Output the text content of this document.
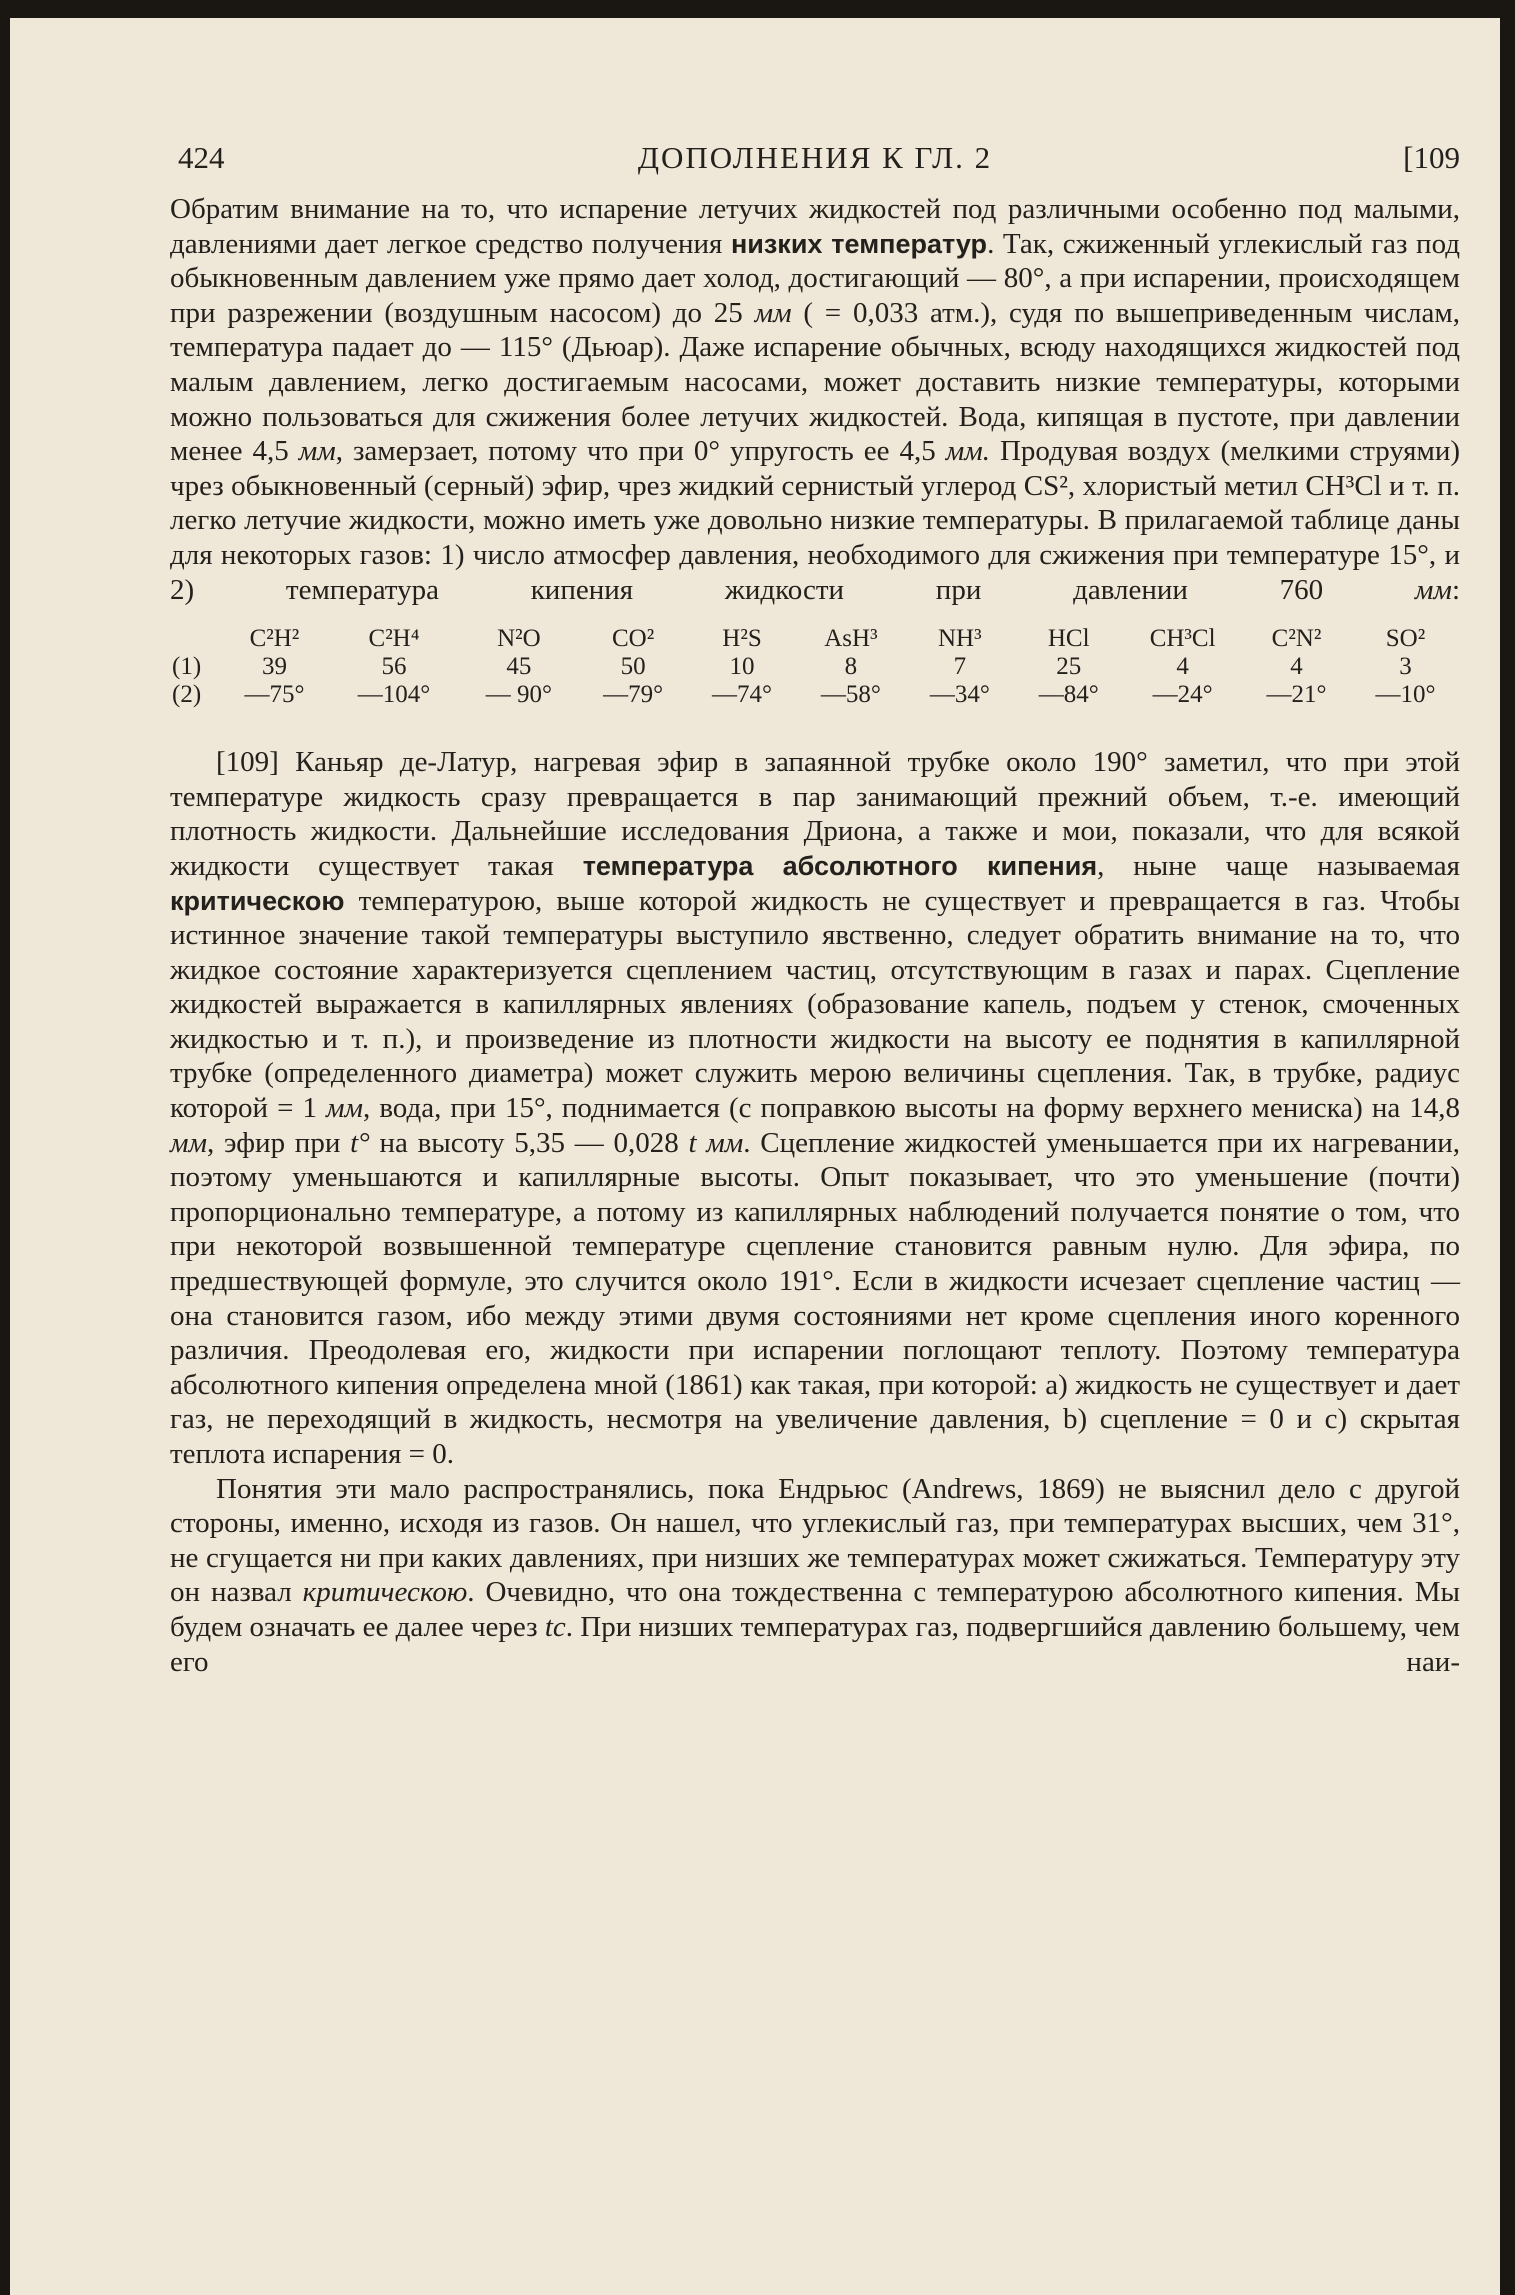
424	ДОПОЛНЕНИЯ К ГЛ. 2	[109

Обратим внимание на то, что испарение летучих жидкостей под различными особенно под малыми, давлениями дает легкое средство получения низких температур. Так, сжиженный углекислый газ под обыкновенным давлением уже прямо дает холод, достигающий — 80°, а при испарении, происходящем при разрежении (воздушным насосом) до 25 мм ( = 0,033 атм.), судя по вышеприведенным числам, температура падает до — 115° (Дьюар). Даже испарение обычных, всюду находящихся жидкостей под малым давлением, легко достигаемым насосами, может доставить низкие температуры, которыми можно пользоваться для сжижения более летучих жидкостей. Вода, кипящая в пустоте, при давлении менее 4,5 мм, замерзает, потому что при 0° упругость ее 4,5 мм. Продувая воздух (мелкими струями) чрез обыкновенный (серный) эфир, чрез жидкий сернистый углерод CS², хлористый метил CH³Cl и т. п. легко летучие жидкости, можно иметь уже довольно низкие температуры. В прилагаемой таблице даны для некоторых газов: 1) число атмосфер давления, необходимого для сжижения при температуре 15°, и 2) температура кипения жидкости при давлении 760	мм:

	C²H²	C²H⁴	N²O	CO²	H²S	AsH³	NH³	HCl	CH³Cl	C²N²	SO²
(1)	39	56	45	50	10	8	7	25	4	4	3
(2)	—75°	—104°	— 90°	—79°	—74°	—58°	—34°	—84°	—24°	—21°	—10°

[109] Каньяр де-Латур, нагревая эфир в запаянной трубке около 190° заметил, что при этой температуре жидкость сразу превращается в пар занимающий прежний объем, т.-е. имеющий плотность жидкости. Дальнейшие исследования Дриона, а также и мои, показали, что для всякой жидкости существует такая температура абсолютного кипения, ныне чаще называемая критическою температурою, выше которой жидкость не существует и превращается в газ. Чтобы истинное значение такой температуры выступило явственно, следует обратить внимание на то, что жидкое состояние характеризуется сцеплением частиц, отсутствующим в газах и парах. Сцепление жидкостей выражается в капиллярных явлениях (образование капель, подъем у стенок, смоченных жидкостью и т. п.), и произведение из плотности жидкости на высоту ее поднятия в капиллярной трубке (определенного диаметра) может служить мерою величины сцепления. Так, в трубке, радиус которой = 1 мм, вода, при 15°, поднимается (с поправкою высоты на форму верхнего мениска) на 14,8 мм, эфир при t° на высоту 5,35 — 0,028 t мм. Сцепление жидкостей уменьшается при их нагревании, поэтому уменьшаются и капиллярные высоты. Опыт показывает, что это уменьшение (почти) пропорционально температуре, а потому из капиллярных наблюдений получается понятие о том, что при некоторой возвышенной температуре сцепление становится равным нулю. Для эфира, по предшествующей формуле, это случится около 191°. Если в жидкости исчезает сцепление частиц — она становится газом, ибо между этими двумя состояниями нет кроме сцепления иного коренного различия. Преодолевая его, жидкости при испарении поглощают теплоту. Поэтому температура абсолютного кипения определена мной (1861) как такая, при которой: a) жидкость не существует и дает газ, не переходящий в жидкость, несмотря на увеличение давления, b) сцепление = 0 и c) скрытая теплота испарения = 0.

Понятия эти мало распространялись, пока Ендрьюс (Andrews, 1869) не выяснил дело с другой стороны, именно, исходя из газов. Он нашел, что углекислый газ, при температурах высших, чем 31°, не сгущается ни при каких давлениях, при низших же температурах может сжижаться. Температуру эту он назвал критическою. Очевидно, что она тождественна с температурою абсолютного кипения. Мы будем означать ее далее через tc. При низших температурах газ, подвергшийся давлению большему, чем его наи-
